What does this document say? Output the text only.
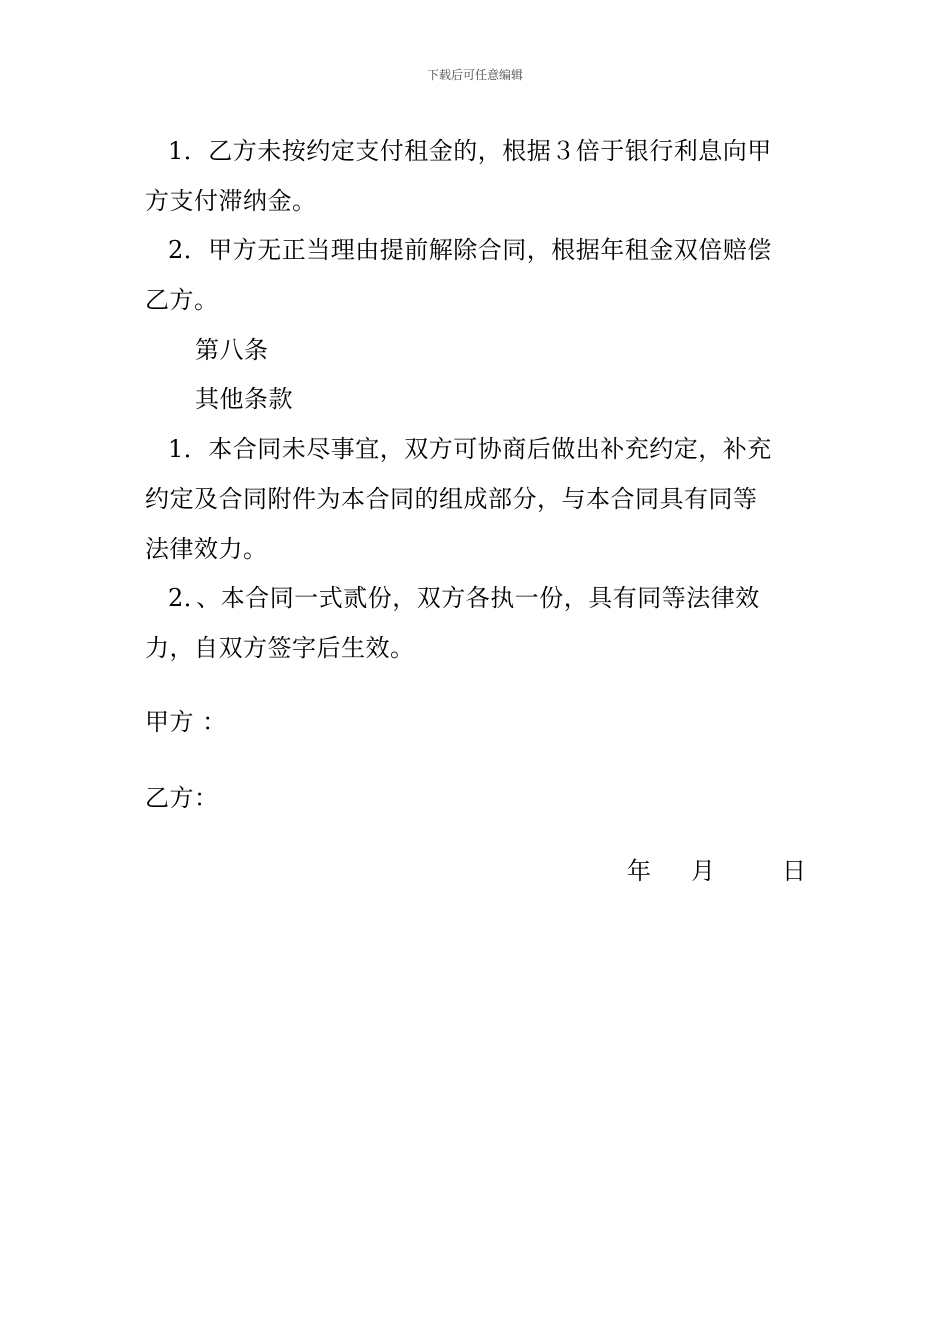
下载后可任意编辑
1．乙方未按约定支付租金的，根据３倍于银行利息向甲
方支付滞纳金。
2．甲方无正当理由提前解除合同，根据年租金双倍赔偿
乙方。
第八条
其他条款
1．本合同未尽事宜，双方可协商后做出补充约定，补充
约定及合同附件为本合同的组成部分，与本合同具有同等
法律效力。
2．、本合同一式贰份，双方各执一份，具有同等法律效
力，自双方签字后生效。
甲方 ：
乙方：
年 月	日
